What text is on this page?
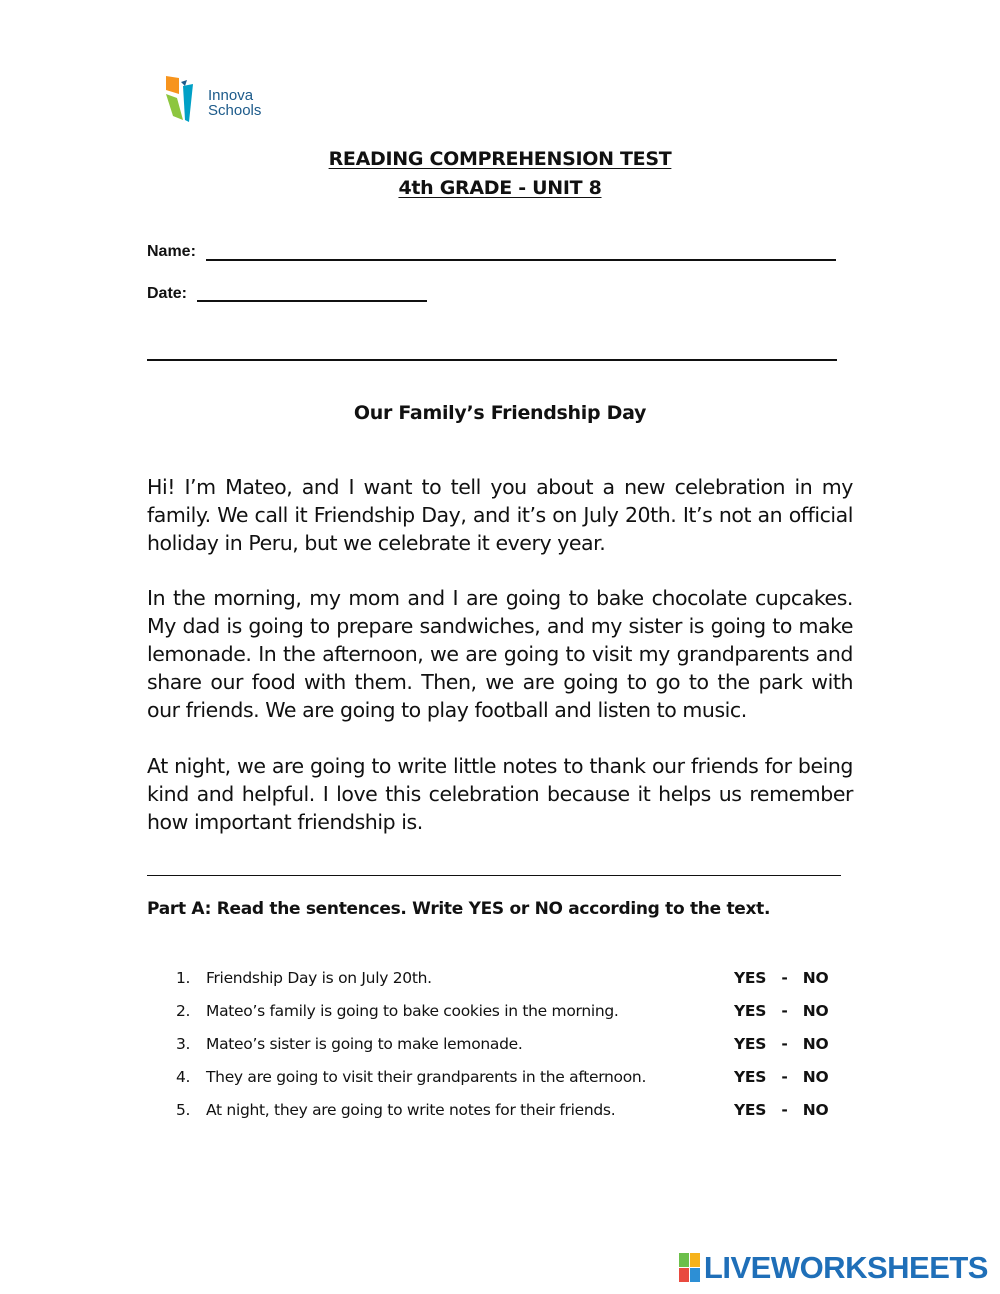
Innova
Schools
READING COMPREHENSION TEST
4th GRADE - UNIT 8
Name:
Date:
Our Family’s Friendship Day

Hi! I’m Mateo, and I want to tell you about a new celebration in my family. We call it Friendship Day, and it’s on July 20th. It’s not an official holiday in Peru, but we celebrate it every year.

In the morning, my mom and I are going to bake chocolate cupcakes. My dad is going to prepare sandwiches, and my sister is going to make lemonade. In the afternoon, we are going to visit my grandparents and share our food with them. Then, we are going to go to the park with our friends. We are going to play football and listen to music.

At night, we are going to write little notes to thank our friends for being kind and helpful. I love this celebration because it helps us remember how important friendship is.

Part A: Read the sentences. Write YES or NO according to the text.
1. Friendship Day is on July 20th.	YES   -   NO
2. Mateo’s family is going to bake cookies in the morning.	YES   -   NO
3. Mateo’s sister is going to make lemonade.	YES   -   NO
4. They are going to visit their grandparents in the afternoon.	YES   -   NO
5. At night, they are going to write notes for their friends.	YES   -   NO
LIVEWORKSHEETS
